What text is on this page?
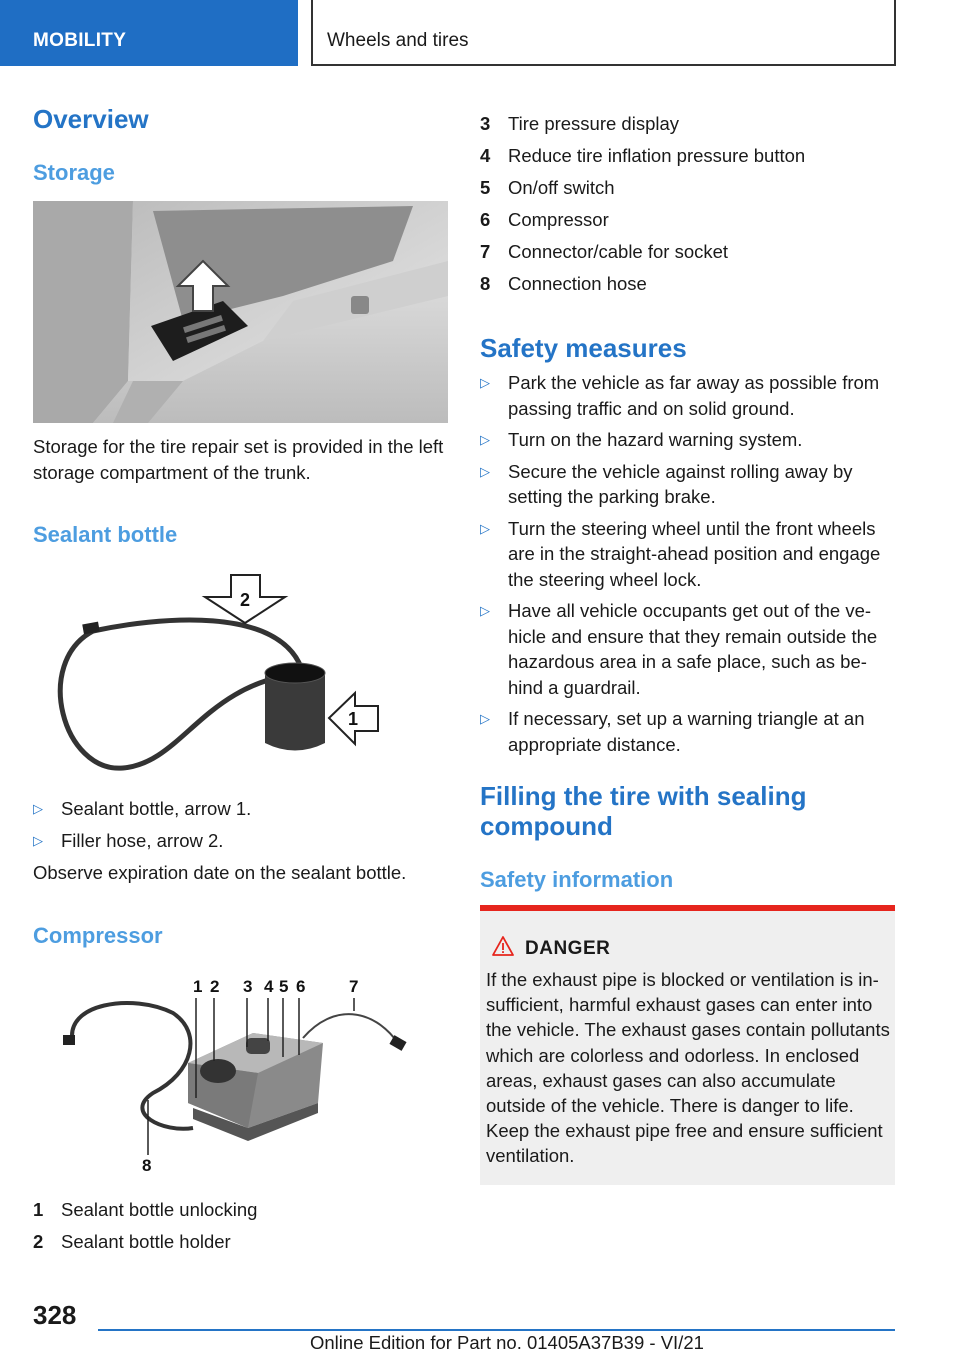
MOBILITY	Wheels and tires
Overview
Storage
Storage for the tire repair set is provided in the left storage compartment of the trunk.
Sealant bottle
2
1
▷ Sealant bottle, arrow 1.
▷ Filler hose, arrow 2.
Observe expiration date on the sealant bottle.
Compressor
1 2 3 4 5 6	7
8
1 Sealant bottle unlocking
2 Sealant bottle holder
3 Tire pressure display
4 Reduce tire inflation pressure button
5 On/off switch
6 Compressor
7 Connector/cable for socket
8 Connection hose
Safety measures
▷ Park the vehicle as far away as possible from passing traffic and on solid ground.
▷ Turn on the hazard warning system.
▷ Secure the vehicle against rolling away by setting the parking brake.
▷ Turn the steering wheel until the front wheels are in the straight-ahead position and engage the steering wheel lock.
▷ Have all vehicle occupants get out of the vehicle and ensure that they remain outside the hazardous area in a safe place, such as behind a guardrail.
▷ If necessary, set up a warning triangle at an appropriate distance.
Filling the tire with sealing compound
Safety information
DANGER
If the exhaust pipe is blocked or ventilation is insufficient, harmful exhaust gases can enter into the vehicle. The exhaust gases contain pollutants which are colorless and odorless. In enclosed areas, exhaust gases can also accumulate outside of the vehicle. There is danger to life. Keep the exhaust pipe free and ensure sufficient ventilation.
328
Online Edition for Part no. 01405A37B39 - VI/21
